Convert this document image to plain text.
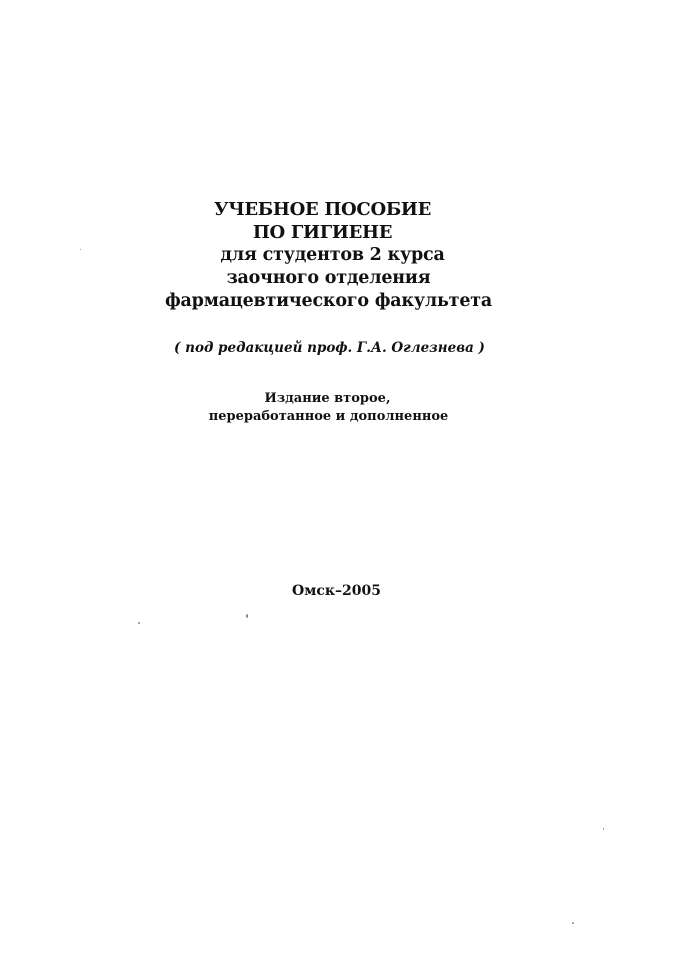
УЧЕБНОЕ ПОСОБИЕ
ПО ГИГИЕНЕ
для студентов 2 курса
заочного отделения
фармацевтического факультета
( под редакцией проф. Г.А. Оглезнева )
Издание второе,
переработанное и дополненное
Омск–2005
